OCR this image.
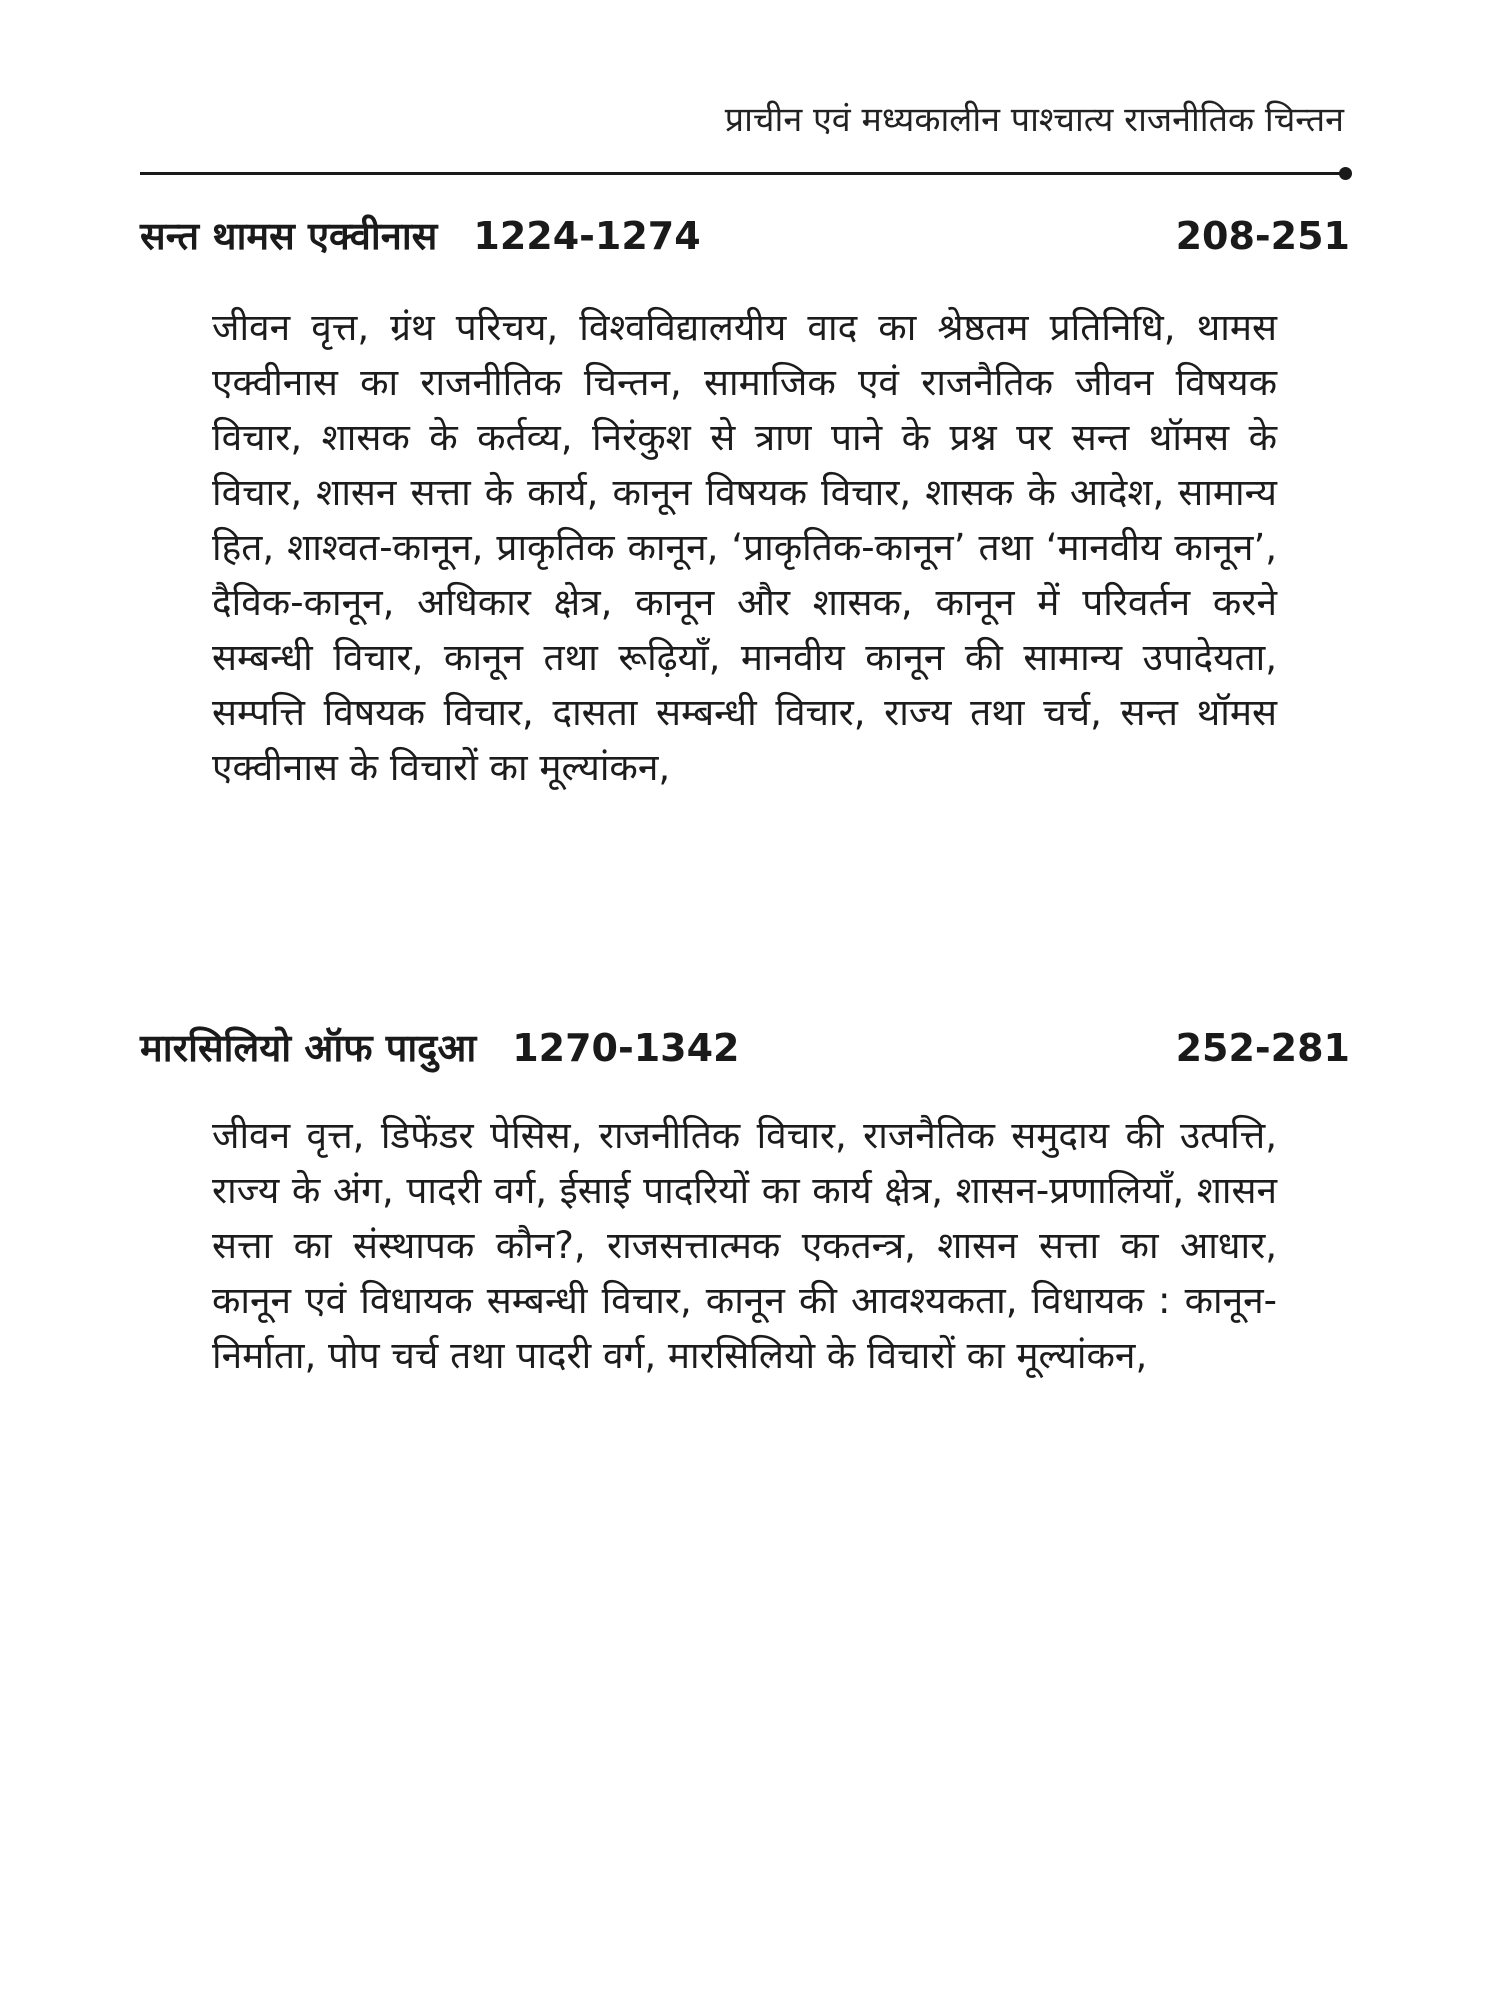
प्राचीन एवं मध्यकालीन पाश्चात्य राजनीतिक चिन्तन
सन्त थामस एक्वीनास 1224-1274	208-251
जीवन वृत्त, ग्रंथ परिचय, विश्वविद्यालयीय वाद का श्रेष्ठतम प्रतिनिधि, थामस एक्वीनास का राजनीतिक चिन्तन, सामाजिक एवं राजनैतिक जीवन विषयक विचार, शासक के कर्तव्य, निरंकुश से त्राण पाने के प्रश्न पर सन्त थॉमस के विचार, शासन सत्ता के कार्य, कानून विषयक विचार, शासक के आदेश, सामान्य हित, शाश्वत-कानून, प्राकृतिक कानून, ‘प्राकृतिक-कानून’ तथा ‘मानवीय कानून’, दैविक-कानून, अधिकार क्षेत्र, कानून और शासक, कानून में परिवर्तन करने सम्बन्धी विचार, कानून तथा रूढ़ियाँ, मानवीय कानून की सामान्य उपादेयता, सम्पत्ति विषयक विचार, दासता सम्बन्धी विचार, राज्य तथा चर्च, सन्त थॉमस एक्वीनास के विचारों का मूल्यांकन,
मारसिलियो ऑफ पादुआ 1270-1342	252-281
जीवन वृत्त, डिफेंडर पेसिस, राजनीतिक विचार, राजनैतिक समुदाय की उत्पत्ति, राज्य के अंग, पादरी वर्ग, ईसाई पादरियों का कार्य क्षेत्र, शासन-प्रणालियाँ, शासन सत्ता का संस्थापक कौन?, राजसत्तात्मक एकतन्त्र, शासन सत्ता का आधार, कानून एवं विधायक सम्बन्धी विचार, कानून की आवश्यकता, विधायक : कानून-निर्माता, पोप चर्च तथा पादरी वर्ग, मारसिलियो के विचारों का मूल्यांकन,
